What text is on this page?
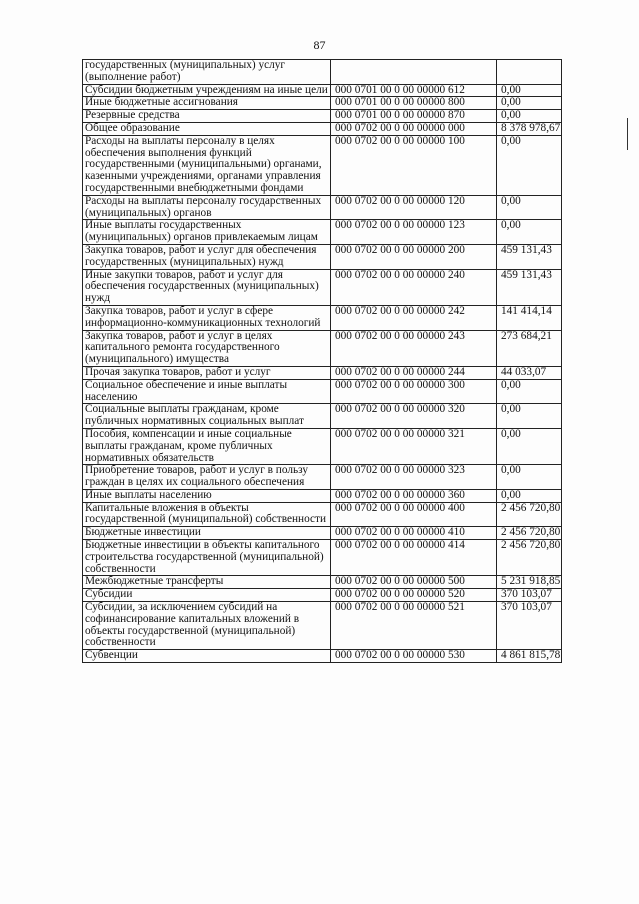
87
государственных (муниципальных) услуг (выполнение работ)		
Субсидии бюджетным учреждениям на иные цели	000 0701 00 0 00 00000 612	0,00
Иные бюджетные ассигнования	000 0701 00 0 00 00000 800	0,00
Резервные средства	000 0701 00 0 00 00000 870	0,00
Общее образование	000 0702 00 0 00 00000 000	8 378 978,67
Расходы на выплаты персоналу в целях обеспечения выполнения функций государственными (муниципальными) органами, казенными учреждениями, органами управления государственными внебюджетными фондами	000 0702 00 0 00 00000 100	0,00
Расходы на выплаты персоналу государственных (муниципальных) органов	000 0702 00 0 00 00000 120	0,00
Иные выплаты государственных (муниципальных) органов привлекаемым лицам	000 0702 00 0 00 00000 123	0,00
Закупка товаров, работ и услуг для обеспечения государственных (муниципальных) нужд	000 0702 00 0 00 00000 200	459 131,43
Иные закупки товаров, работ и услуг для обеспечения государственных (муниципальных) нужд	000 0702 00 0 00 00000 240	459 131,43
Закупка товаров, работ и услуг в сфере информационно-коммуникационных технологий	000 0702 00 0 00 00000 242	141 414,14
Закупка товаров, работ и услуг в целях капитального ремонта государственного (муниципального) имущества	000 0702 00 0 00 00000 243	273 684,21
Прочая закупка товаров, работ и услуг	000 0702 00 0 00 00000 244	44 033,07
Социальное обеспечение и иные выплаты населению	000 0702 00 0 00 00000 300	0,00
Социальные выплаты гражданам, кроме публичных нормативных социальных выплат	000 0702 00 0 00 00000 320	0,00
Пособия, компенсации и иные социальные выплаты гражданам, кроме публичных нормативных обязательств	000 0702 00 0 00 00000 321	0,00
Приобретение товаров, работ и услуг в пользу граждан в целях их социального обеспечения	000 0702 00 0 00 00000 323	0,00
Иные выплаты населению	000 0702 00 0 00 00000 360	0,00
Капитальные вложения в объекты государственной (муниципальной) собственности	000 0702 00 0 00 00000 400	2 456 720,80
Бюджетные инвестиции	000 0702 00 0 00 00000 410	2 456 720,80
Бюджетные инвестиции в объекты капитального строительства государственной (муниципальной) собственности	000 0702 00 0 00 00000 414	2 456 720,80
Межбюджетные трансферты	000 0702 00 0 00 00000 500	5 231 918,85
Субсидии	000 0702 00 0 00 00000 520	370 103,07
Субсидии, за исключением субсидий на софинансирование капитальных вложений в объекты государственной (муниципальной) собственности	000 0702 00 0 00 00000 521	370 103,07
Субвенции	000 0702 00 0 00 00000 530	4 861 815,78
